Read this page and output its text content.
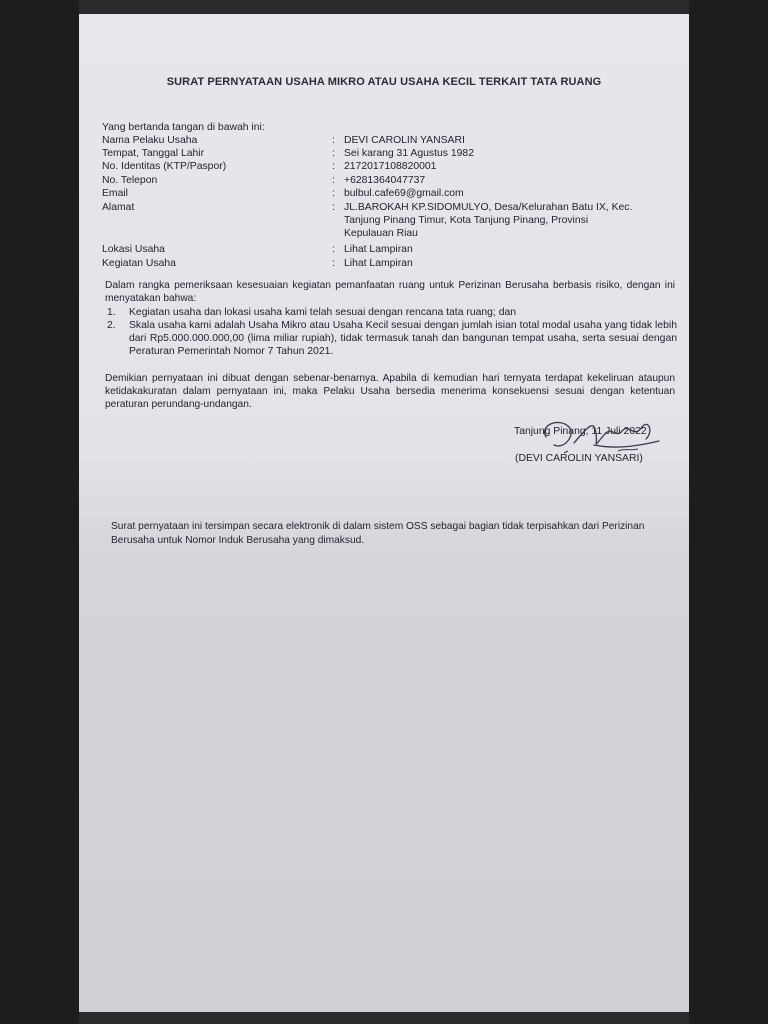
SURAT PERNYATAAN USAHA MIKRO ATAU USAHA KECIL TERKAIT TATA RUANG
Yang bertanda tangan di bawah ini:
Nama Pelaku Usaha	: DEVI CAROLIN YANSARI
Tempat, Tanggal Lahir	: Sei karang 31 Agustus 1982
No. Identitas (KTP/Paspor)	: 2172017108820001
No. Telepon	: +6281364047737
Email	: bulbul.cafe69@gmail.com
Alamat	: JL.BAROKAH KP.SIDOMULYO, Desa/Kelurahan Batu IX, Kec.
Tanjung Pinang Timur, Kota Tanjung Pinang, Provinsi
Kepulauan Riau
Lokasi Usaha	: Lihat Lampiran
Kegiatan Usaha	: Lihat Lampiran
Dalam rangka pemeriksaan kesesuaian kegiatan pemanfaatan ruang untuk Perizinan Berusaha berbasis risiko, dengan ini menyatakan bahwa:
1. Kegiatan usaha dan lokasi usaha kami telah sesuai dengan rencana tata ruang; dan
2. Skala usaha kami adalah Usaha Mikro atau Usaha Kecil sesuai dengan jumlah isian total modal usaha yang tidak lebih dari Rp5.000.000.000,00 (lima miliar rupiah), tidak termasuk tanah dan bangunan tempat usaha, serta sesuai dengan Peraturan Pemerintah Nomor 7 Tahun 2021.
Demikian pernyataan ini dibuat dengan sebenar-benarnya. Apabila di kemudian hari ternyata terdapat kekeliruan ataupun ketidakakuratan dalam pernyataan ini, maka Pelaku Usaha bersedia menerima konsekuensi sesuai dengan ketentuan peraturan perundang-undangan.
Tanjung Pinang, 11 Juli 2022
(DEVI CAROLIN YANSARI)
Surat pernyataan ini tersimpan secara elektronik di dalam sistem OSS sebagai bagian tidak terpisahkan dari Perizinan Berusaha untuk Nomor Induk Berusaha yang dimaksud.
